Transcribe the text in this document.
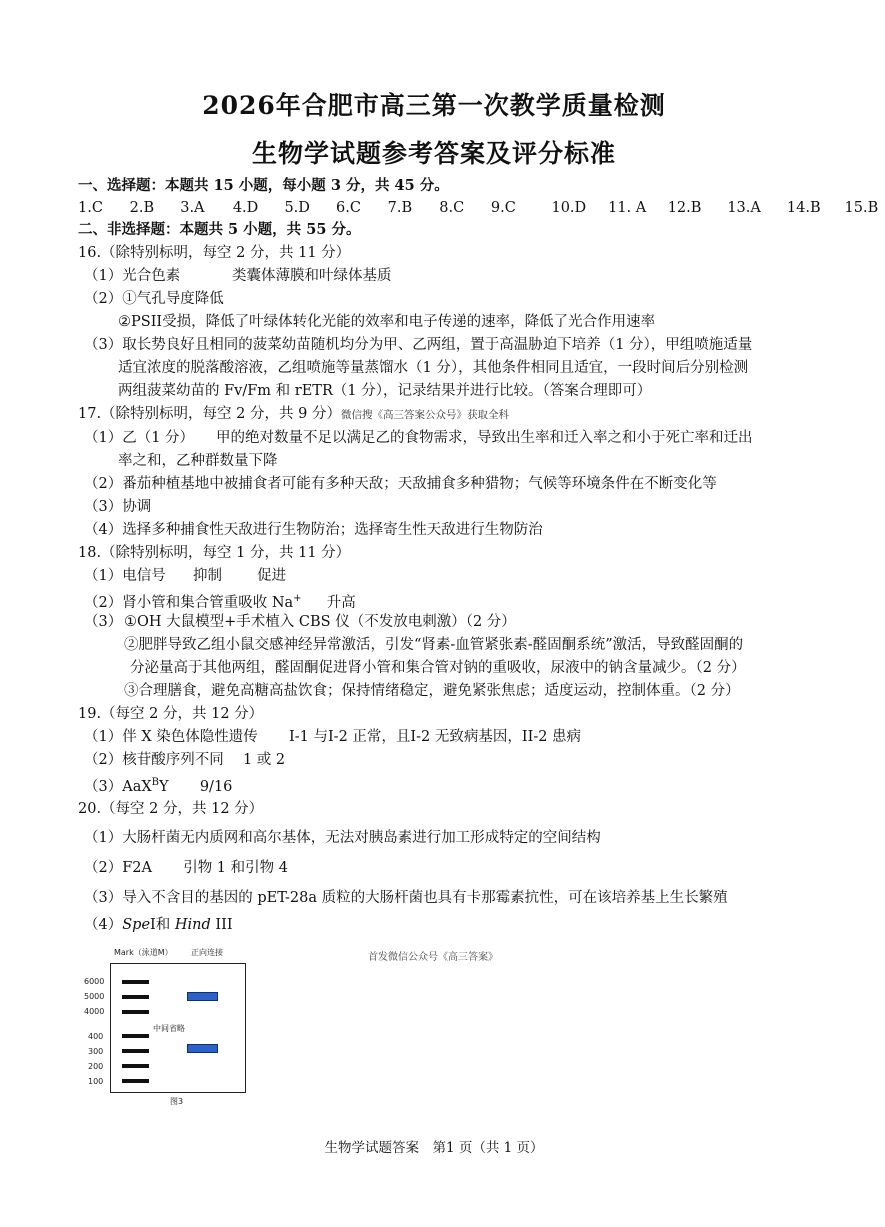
2026年合肥市高三第一次教学质量检测
生物学试题参考答案及评分标准
一、选择题：本题共 15 小题，每小题 3 分，共 45 分。
1.C 2.B 3.A 4.D 5.D 6.C 7.B 8.C 9.C 10.D 11. A 12.B 13.A 14.B 15.B
二、非选择题：本题共 5 小题，共 55 分。
16.（除特别标明，每空 2 分，共 11 分）
（1）光合色素	类囊体薄膜和叶绿体基质
（2）①气孔导度降低
②PSII受损，降低了叶绿体转化光能的效率和电子传递的速率，降低了光合作用速率
（3）取长势良好且相同的菠菜幼苗随机均分为甲、乙两组，置于高温胁迫下培养（1 分），甲组喷施适量
适宜浓度的脱落酸溶液，乙组喷施等量蒸馏水（1 分），其他条件相同且适宜，一段时间后分别检测
两组菠菜幼苗的 Fv/Fm 和 rETR（1 分），记录结果并进行比较。（答案合理即可）
17.（除特别标明，每空 2 分，共 9 分）微信搜《高三答案公众号》获取全科
（1）乙（1 分） 甲的绝对数量不足以满足乙的食物需求，导致出生率和迁入率之和小于死亡率和迁出
率之和，乙种群数量下降
（2）番茄种植基地中被捕食者可能有多种天敌；天敌捕食多种猎物；气候等环境条件在不断变化等
（3）协调
（4）选择多种捕食性天敌进行生物防治；选择寄生性天敌进行生物防治
18.（除特别标明，每空 1 分，共 11 分）
（1）电信号 抑制 促进
（2）肾小管和集合管重吸收 Na+ 升高
（3） ①OH 大鼠模型+手术植入 CBS 仪（不发放电刺激）（2 分）
②肥胖导致乙组小鼠交感神经异常激活，引发“肾素-血管紧张素-醛固酮系统”激活，导致醛固酮的
分泌量高于其他两组，醛固酮促进肾小管和集合管对钠的重吸收，尿液中的钠含量减少。（2 分）
③合理膳食，避免高糖高盐饮食；保持情绪稳定，避免紧张焦虑；适度运动，控制体重。（2 分）
19.（每空 2 分，共 12 分）
（1）伴 X 染色体隐性遗传 I-1 与I-2 正常，且I-2 无致病基因，II-2 患病
（2）核苷酸序列不同 1 或 2
（3）AaX$^B$Y 9/16
20.（每空 2 分，共 12 分）
（1）大肠杆菌无内质网和高尔基体，无法对胰岛素进行加工形成特定的空间结构
（2）F2A 引物 1 和引物 4
（3）导入不含目的基因的 pET-28a 质粒的大肠杆菌也具有卡那霉素抗性，可在该培养基上生长繁殖
（4）SpeI和 Hind III
Mark（泳道M） 正向连接
6000
5000
4000
400
300
200
100
中间省略
图3
首发微信公众号《高三答案》
生物学试题答案　第1 页（共 1 页）
